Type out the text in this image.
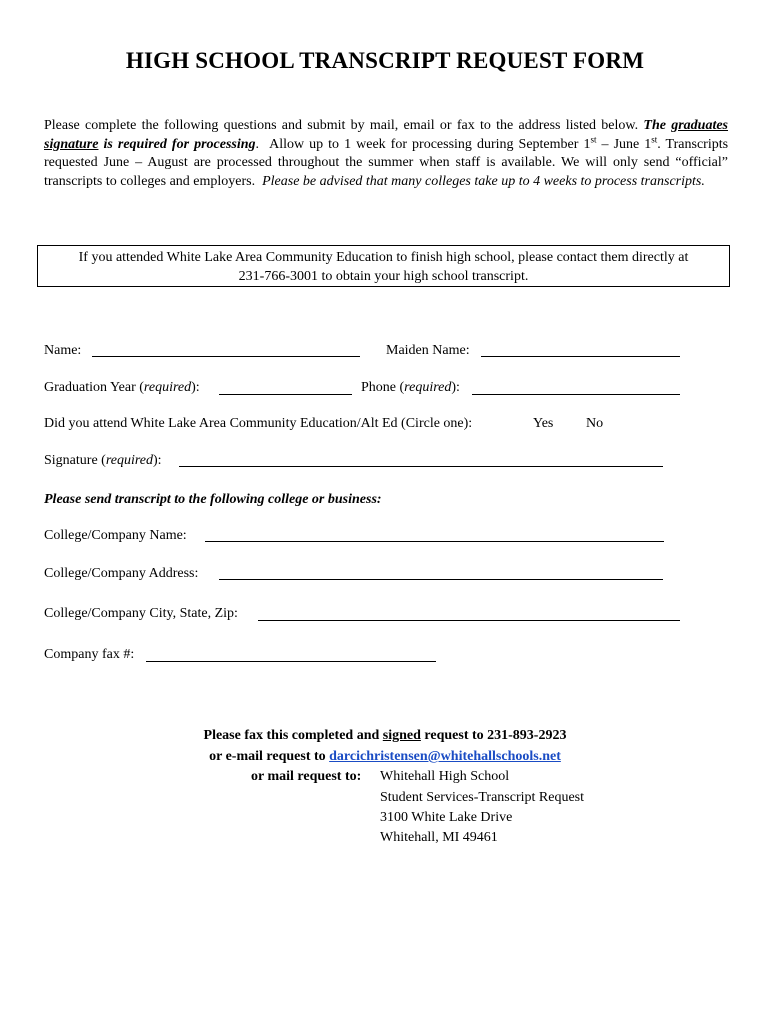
HIGH SCHOOL TRANSCRIPT REQUEST FORM
Please complete the following questions and submit by mail, email or fax to the address listed below. The graduates signature is required for processing. Allow up to 1 week for processing during September 1st – June 1st. Transcripts requested June – August are processed throughout the summer when staff is available. We will only send “official” transcripts to colleges and employers. Please be advised that many colleges take up to 4 weeks to process transcripts.
If you attended White Lake Area Community Education to finish high school, please contact them directly at
231-766-3001 to obtain your high school transcript.
Name:	Maiden Name:
Graduation Year (required):	Phone (required):
Did you attend White Lake Area Community Education/Alt Ed (Circle one):	Yes No
Signature (required):
Please send transcript to the following college or business:
College/Company Name:
College/Company Address:
College/Company City, State, Zip:
Company fax #:
Please fax this completed and signed request to 231-893-2923
or e-mail request to darcichristensen@whitehallschools.net
or mail request to: Whitehall High School
Student Services-Transcript Request
3100 White Lake Drive
Whitehall, MI 49461
